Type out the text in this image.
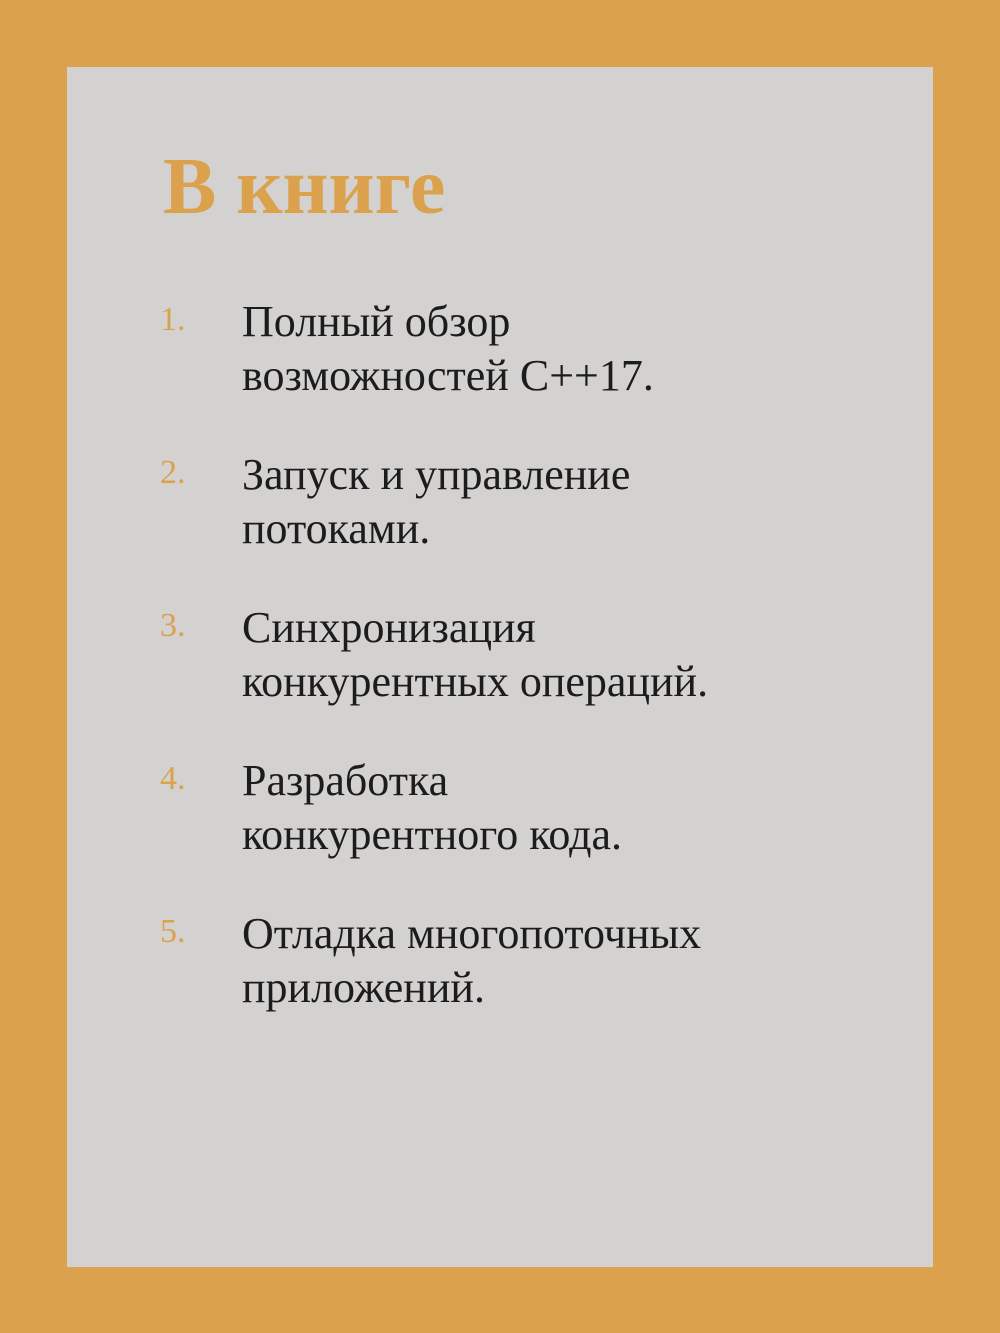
В книге
1. Полный обзор
возможностей C++17.
2. Запуск и управление
потоками.
3. Синхронизация
конкурентных операций.
4. Разработка
конкурентного кода.
5. Отладка многопоточных
приложений.
